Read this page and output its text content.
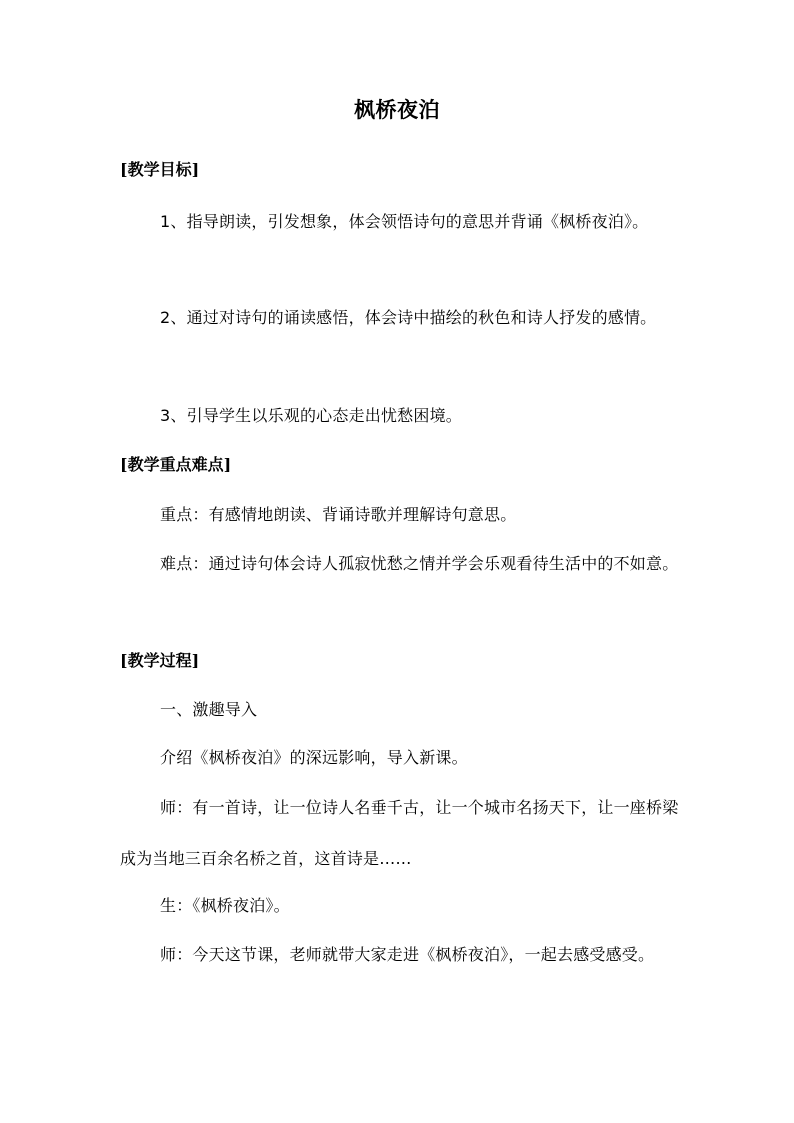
枫桥夜泊
[教学目标]
1、指导朗读，引发想象，体会领悟诗句的意思并背诵《枫桥夜泊》。
2、通过对诗句的诵读感悟，体会诗中描绘的秋色和诗人抒发的感情。
3、引导学生以乐观的心态走出忧愁困境。
[教学重点难点]
重点：有感情地朗读、背诵诗歌并理解诗句意思。
难点：通过诗句体会诗人孤寂忧愁之情并学会乐观看待生活中的不如意。
[教学过程]
一、激趣导入
介绍《枫桥夜泊》的深远影响，导入新课。
师：有一首诗，让一位诗人名垂千古，让一个城市名扬天下，让一座桥梁成为当地三百余名桥之首，这首诗是……
生：《枫桥夜泊》。
师：今天这节课，老师就带大家走进《枫桥夜泊》，一起去感受感受。
